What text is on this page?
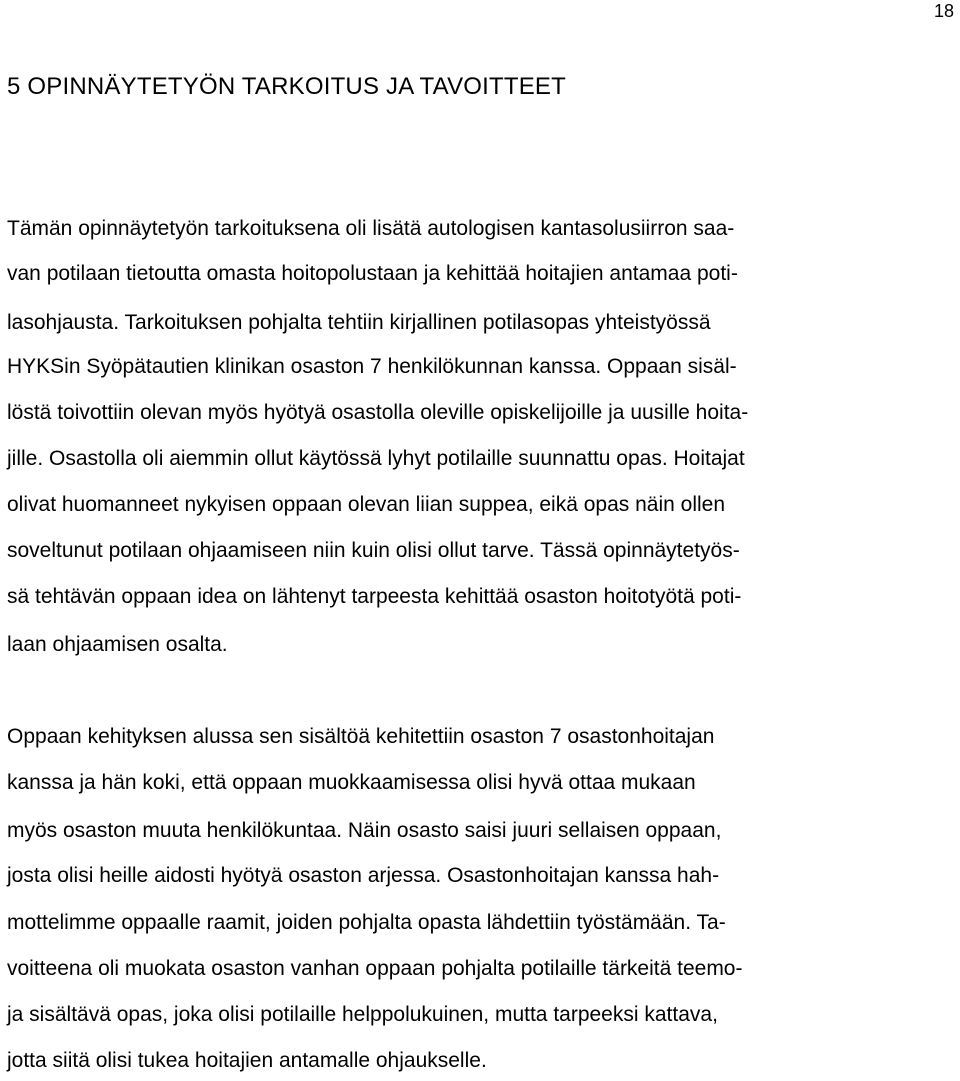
18
5 OPINNÄYTETYÖN TARKOITUS JA TAVOITTEET

Tämän opinnäytetyön tarkoituksena oli lisätä autologisen kantasolusiirron saa-

van potilaan tietoutta omasta hoitopolustaan ja kehittää hoitajien antamaa poti-

lasohjausta. Tarkoituksen pohjalta tehtiin kirjallinen potilasopas yhteistyössä

HYKSin Syöpätautien klinikan osaston 7 henkilökunnan kanssa. Oppaan sisäl-

löstä toivottiin olevan myös hyötyä osastolla oleville opiskelijoille ja uusille hoita-

jille. Osastolla oli aiemmin ollut käytössä lyhyt potilaille suunnattu opas. Hoitajat

olivat huomanneet nykyisen oppaan olevan liian suppea, eikä opas näin ollen

soveltunut potilaan ohjaamiseen niin kuin olisi ollut tarve. Tässä opinnäytetyös-

sä tehtävän oppaan idea on lähtenyt tarpeesta kehittää osaston hoitotyötä poti-

laan ohjaamisen osalta.

Oppaan kehityksen alussa sen sisältöä kehitettiin osaston 7 osastonhoitajan

kanssa ja hän koki, että oppaan muokkaamisessa olisi hyvä ottaa mukaan

myös osaston muuta henkilökuntaa. Näin osasto saisi juuri sellaisen oppaan,

josta olisi heille aidosti hyötyä osaston arjessa. Osastonhoitajan kanssa hah-

mottelimme oppaalle raamit, joiden pohjalta opasta lähdettiin työstämään. Ta-

voitteena oli muokata osaston vanhan oppaan pohjalta potilaille tärkeitä teemo-

ja sisältävä opas, joka olisi potilaille helppolukuinen, mutta tarpeeksi kattava,

jotta siitä olisi tukea hoitajien antamalle ohjaukselle.
